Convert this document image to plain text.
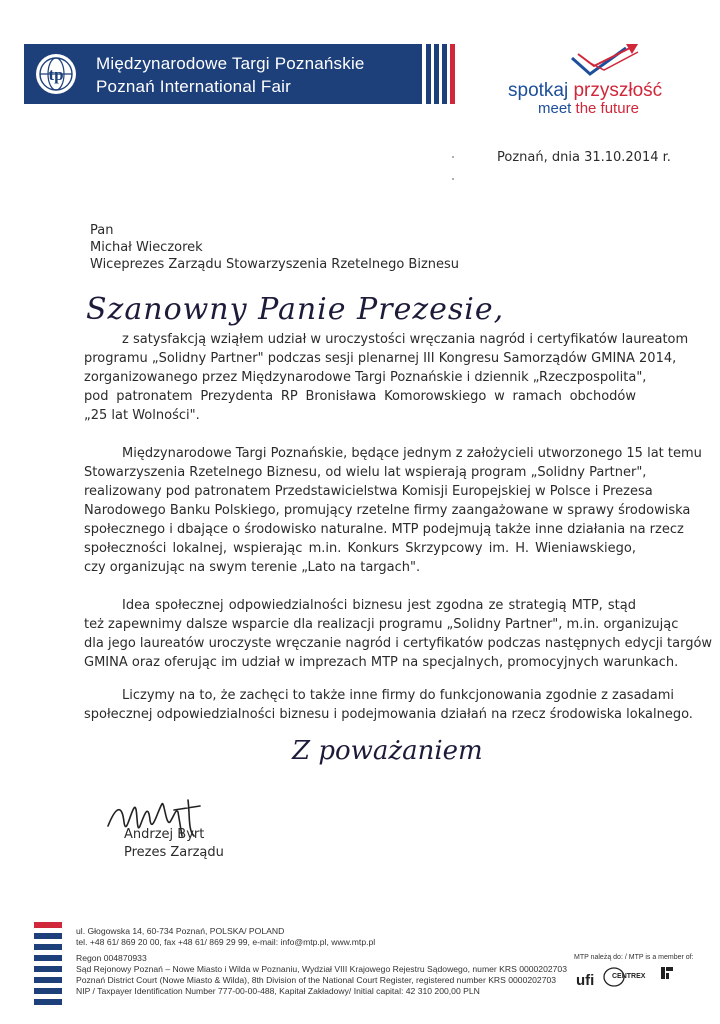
tp
Międzynarodowe Targi Poznańskie
Poznań International Fair	spotkaj przyszłość
meet the future
Poznań, dnia 31.10.2014 r.
Pan
Michał Wieczorek
Wiceprezes Zarządu Stowarzyszenia Rzetelnego Biznesu
Szanowny Panie Prezesie,
z satysfakcją wziąłem udział w uroczystości wręczania nagród i certyfikatów laureatom
programu „Solidny Partner" podczas sesji plenarnej III Kongresu Samorządów GMINA 2014,
zorganizowanego przez Międzynarodowe Targi Poznańskie i dziennik „Rzeczpospolita",
pod patronatem Prezydenta RP Bronisława Komorowskiego w ramach obchodów
„25 lat Wolności".
Międzynarodowe Targi Poznańskie, będące jednym z założycieli utworzonego 15 lat temu
Stowarzyszenia Rzetelnego Biznesu, od wielu lat wspierają program „Solidny Partner",
realizowany pod patronatem Przedstawicielstwa Komisji Europejskiej w Polsce i Prezesa
Narodowego Banku Polskiego, promujący rzetelne firmy zaangażowane w sprawy środowiska
społecznego i dbające o środowisko naturalne. MTP podejmują także inne działania na rzecz
społeczności lokalnej, wspierając m.in. Konkurs Skrzypcowy im. H. Wieniawskiego,
czy organizując na swym terenie „Lato na targach".
Idea społecznej odpowiedzialności biznesu jest zgodna ze strategią MTP, stąd
też zapewnimy dalsze wsparcie dla realizacji programu „Solidny Partner", m.in. organizując
dla jego laureatów uroczyste wręczanie nagród i certyfikatów podczas następnych edycji targów
GMINA oraz oferując im udział w imprezach MTP na specjalnych, promocyjnych warunkach.
Liczymy na to, że zachęci to także inne firmy do funkcjonowania zgodnie z zasadami
społecznej odpowiedzialności biznesu i podejmowania działań na rzecz środowiska lokalnego.
Z poważaniem
Andrzej Byrt
Prezes Zarządu
ul. Głogowska 14, 60-734 Poznań, POLSKA/ POLAND
tel. +48 61/ 869 20 00, fax +48 61/ 869 29 99, e-mail: info@mtp.pl, www.mtp.pl
Regon 004870933
Sąd Rejonowy Poznań – Nowe Miasto i Wilda w Poznaniu, Wydział VIII Krajowego Rejestru Sądowego, numer KRS 0000202703
Poznań District Court (Nowe Miasto & Wilda), 8th Division of the National Court Register, registered number KRS 0000202703
NIP / Taxpayer Identification Number 777-00-00-488, Kapitał Zakładowy/ Initial capital: 42 310 200,00 PLN
MTP należą do: / MTP is a member of:
ufi	CENTREX
